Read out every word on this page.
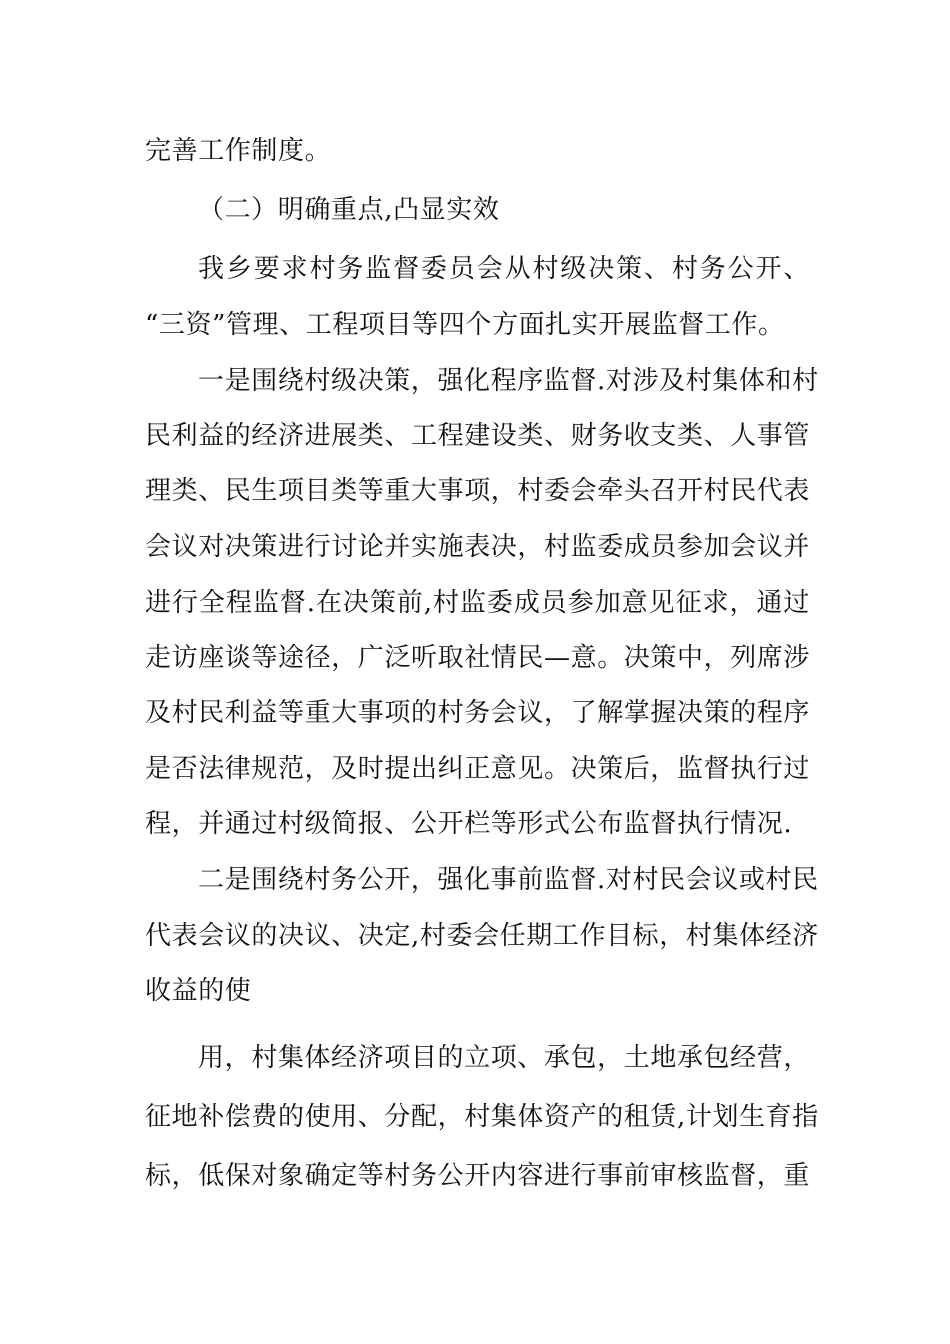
完善工作制度。
（二）明确重点,凸显实效
我乡要求村务监督委员会从村级决策、村务公开、
“三资”管理、工程项目等四个方面扎实开展监督工作。
一是围绕村级决策，强化程序监督.对涉及村集体和村
民利益的经济进展类、工程建设类、财务收支类、人事管
理类、民生项目类等重大事项，村委会牵头召开村民代表
会议对决策进行讨论并实施表决，村监委成员参加会议并
进行全程监督.在决策前,村监委成员参加意见征求，通过
走访座谈等途径，广泛听取社情民—意。决策中，列席涉
及村民利益等重大事项的村务会议，了解掌握决策的程序
是否法律规范，及时提出纠正意见。决策后，监督执行过
程，并通过村级简报、公开栏等形式公布监督执行情况.
二是围绕村务公开，强化事前监督.对村民会议或村民
代表会议的决议、决定,村委会任期工作目标，村集体经济
收益的使
用，村集体经济项目的立项、承包，土地承包经营，
征地补偿费的使用、分配，村集体资产的租赁,计划生育指
标，低保对象确定等村务公开内容进行事前审核监督，重
